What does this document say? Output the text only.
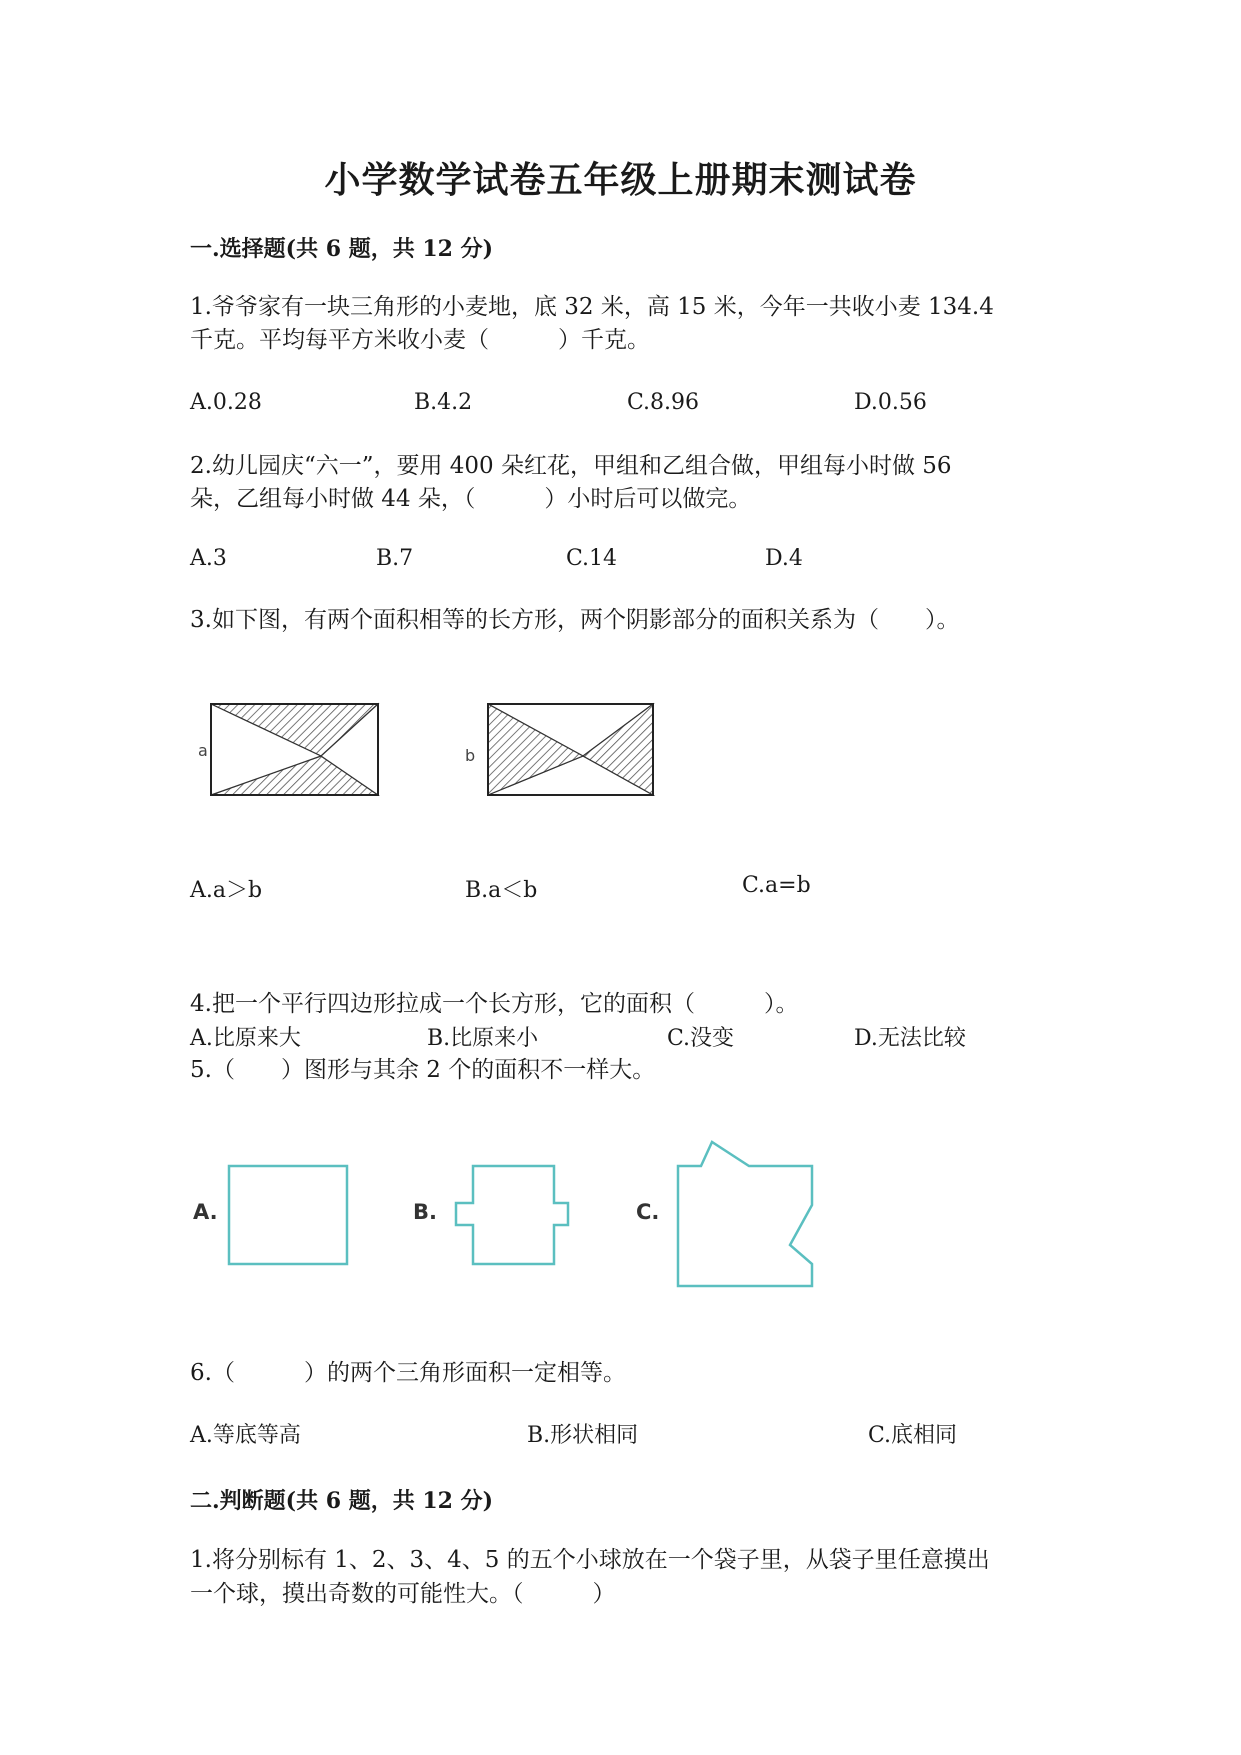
小学数学试卷五年级上册期末测试卷
一.选择题(共 6 题，共 12 分)
1.爷爷家有一块三角形的小麦地，底 32 米，高 15 米，今年一共收小麦 134.4
千克。平均每平方米收小麦（　　　）千克。
A.0.28	B.4.2	C.8.96	D.0.56
2.幼儿园庆“六一”，要用 400 朵红花，甲组和乙组合做，甲组每小时做 56
朵，乙组每小时做 44 朵，（　　　）小时后可以做完。
A.3	B.7	C.14	D.4
3.如下图，有两个面积相等的长方形，两个阴影部分的面积关系为（　　）。
a	b
A.a＞b	B.a＜b	C.a=b
4.把一个平行四边形拉成一个长方形，它的面积（　　　）。
A.比原来大	B.比原来小	C.没变	D.无法比较
5.（　　）图形与其余 2 个的面积不一样大。
A.	B.	C.
6.（　　　）的两个三角形面积一定相等。
A.等底等高	B.形状相同	C.底相同
二.判断题(共 6 题，共 12 分)
1.将分别标有 1、2、3、4、5 的五个小球放在一个袋子里，从袋子里任意摸出
一个球，摸出奇数的可能性大。（　　　）
